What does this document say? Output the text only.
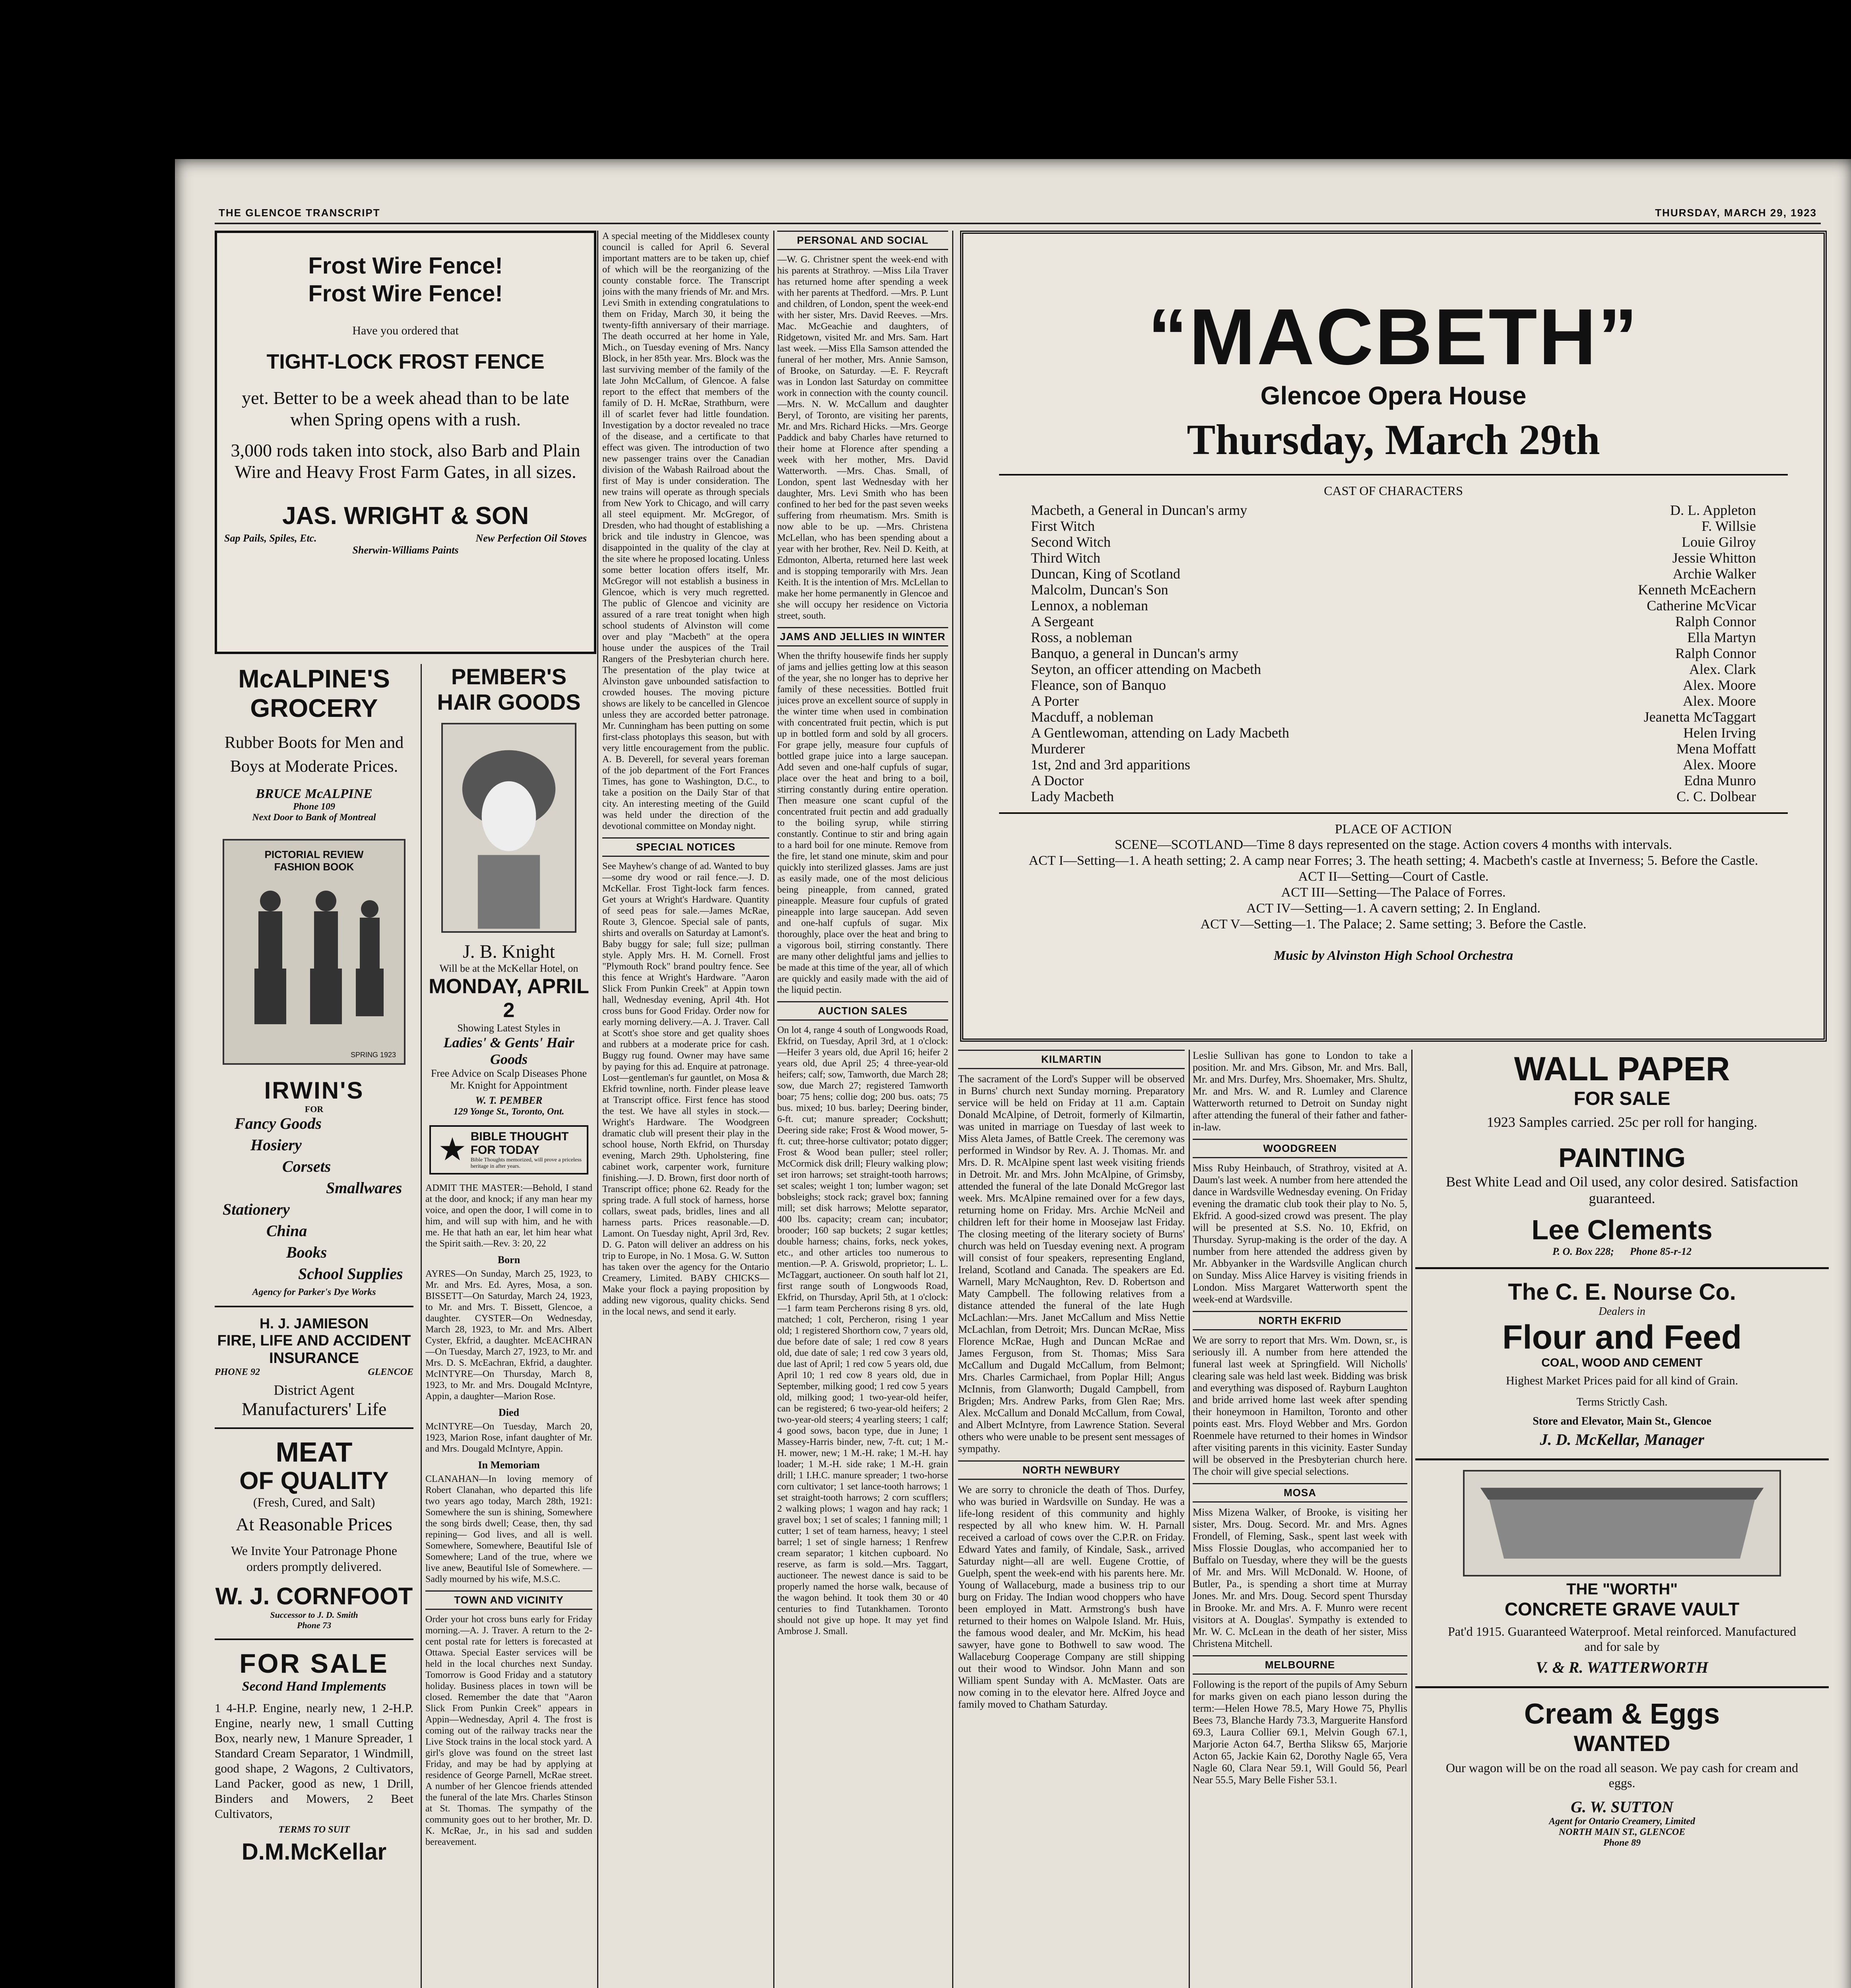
THE GLENCOE TRANSCRIPT	THURSDAY, MARCH 29, 1923
Frost Wire Fence!
Frost Wire Fence!
Have you ordered that
TIGHT-LOCK FROST FENCE
yet. Better to be a week ahead than to be late when Spring opens with a rush.
3,000 rods taken into stock, also Barb and Plain Wire and Heavy Frost Farm Gates, in all sizes.
JAS. WRIGHT & SON
Sap Pails, Spiles, Etc.	New Perfection Oil Stoves
Sherwin-Williams Paints
McALPINE'S
GROCERY
Rubber Boots for Men and Boys at Moderate Prices.
BRUCE McALPINE
Phone 109
Next Door to Bank of Montreal
PICTORIAL REVIEW
FASHION BOOK
SPRING 1923
IRWIN'S
FOR
Fancy Goods
Hosiery
Corsets
Smallwares
Stationery
China
Books
School Supplies
Agency for Parker's Dye Works
H. J. JAMIESON
FIRE, LIFE AND ACCIDENT INSURANCE
PHONE 92	GLENCOE
District Agent
Manufacturers' Life
MEAT
OF QUALITY
(Fresh, Cured, and Salt)
At Reasonable Prices
We Invite Your Patronage Phone orders promptly delivered.
W. J. CORNFOOT
Successor to J. D. Smith
Phone 73
FOR SALE
Second Hand Implements
1 4-H.P. Engine, nearly new, 1 2-H.P. Engine, nearly new, 1 small Cutting Box, nearly new, 1 Manure Spreader, 1 Standard Cream Separator, 1 Windmill, good shape, 2 Wagons, 2 Cultivators, Land Packer, good as new, 1 Drill, Binders and Mowers, 2 Beet Cultivators,
TERMS TO SUIT
D.M.McKellar
PEMBER'S
HAIR GOODS
J. B. Knight
Will be at the McKellar Hotel, on
MONDAY, APRIL 2
Showing Latest Styles in
Ladies' & Gents' Hair Goods
Free Advice on Scalp Diseases Phone Mr. Knight for Appointment
W. T. PEMBER
129 Yonge St., Toronto, Ont.
★ BIBLE THOUGHT
FOR TODAY
Bible Thoughts memorized, will prove a priceless heritage in after years.
ADMIT THE MASTER:—Behold, I stand at the door, and knock; if any man hear my voice, and open the door, I will come in to him, and will sup with him, and he with me. He that hath an ear, let him hear what the Spirit saith.—Rev. 3: 20, 22
Born
AYRES—On Sunday, March 25, 1923, to Mr. and Mrs. Ed. Ayres, Mosa, a son. BISSETT—On Saturday, March 24, 1923, to Mr. and Mrs. T. Bissett, Glencoe, a daughter. CYSTER—On Wednesday, March 28, 1923, to Mr. and Mrs. Albert Cyster, Ekfrid, a daughter. McEACHRAN—On Tuesday, March 27, 1923, to Mr. and Mrs. D. S. McEachran, Ekfrid, a daughter. McINTYRE—On Thursday, March 8, 1923, to Mr. and Mrs. Dougald McIntyre, Appin, a daughter—Marion Rose.
Died
McINTYRE—On Tuesday, March 20, 1923, Marion Rose, infant daughter of Mr. and Mrs. Dougald McIntyre, Appin.
In Memoriam
CLANAHAN—In loving memory of Robert Clanahan, who departed this life two years ago today, March 28th, 1921: Somewhere the sun is shining, Somewhere the song birds dwell; Cease, then, thy sad repining— God lives, and all is well. Somewhere, Somewhere, Beautiful Isle of Somewhere; Land of the true, where we live anew, Beautiful Isle of Somewhere. —Sadly mourned by his wife, M.S.C.
TOWN AND VICINITY
Order your hot cross buns early for Friday morning.—A. J. Traver. A return to the 2-cent postal rate for letters is forecasted at Ottawa. Special Easter services will be held in the local churches next Sunday. Tomorrow is Good Friday and a statutory holiday. Business places in town will be closed. Remember the date that "Aaron Slick From Punkin Creek" appears in Appin—Wednesday, April 4. The frost is coming out of the railway tracks near the Live Stock trains in the local stock yard. A girl's glove was found on the street last Friday, and may be had by applying at residence of George Parnell, McRae street. A number of her Glencoe friends attended the funeral of the late Mrs. Charles Stinson at St. Thomas. The sympathy of the community goes out to her brother, Mr. D. K. McRae, Jr., in his sad and sudden bereavement.
A special meeting of the Middlesex county council is called for April 6. Several important matters are to be taken up, chief of which will be the reorganizing of the county constable force. The Transcript joins with the many friends of Mr. and Mrs. Levi Smith in extending congratulations to them on Friday, March 30, it being the twenty-fifth anniversary of their marriage. The death occurred at her home in Yale, Mich., on Tuesday evening of Mrs. Nancy Block, in her 85th year. Mrs. Block was the last surviving member of the family of the late John McCallum, of Glencoe. A false report to the effect that members of the family of D. H. McRae, Strathburn, were ill of scarlet fever had little foundation. Investigation by a doctor revealed no trace of the disease, and a certificate to that effect was given. The introduction of two new passenger trains over the Canadian division of the Wabash Railroad about the first of May is under consideration. The new trains will operate as through specials from New York to Chicago, and will carry all steel equipment. Mr. McGregor, of Dresden, who had thought of establishing a brick and tile industry in Glencoe, was disappointed in the quality of the clay at the site where he proposed locating. Unless some better location offers itself, Mr. McGregor will not establish a business in Glencoe, which is very much regretted. The public of Glencoe and vicinity are assured of a rare treat tonight when high school students of Alvinston will come over and play "Macbeth" at the opera house under the auspices of the Trail Rangers of the Presbyterian church here. The presentation of the play twice at Alvinston gave unbounded satisfaction to crowded houses. The moving picture shows are likely to be cancelled in Glencoe unless they are accorded better patronage. Mr. Cunningham has been putting on some first-class photoplays this season, but with very little encouragement from the public. A. B. Deverell, for several years foreman of the job department of the Fort Frances Times, has gone to Washington, D.C., to take a position on the Daily Star of that city. An interesting meeting of the Guild was held under the direction of the devotional committee on Monday night.
SPECIAL NOTICES
See Mayhew's change of ad. Wanted to buy—some dry wood or rail fence.—J. D. McKellar. Frost Tight-lock farm fences. Get yours at Wright's Hardware. Quantity of seed peas for sale.—James McRae, Route 3, Glencoe. Special sale of pants, shirts and overalls on Saturday at Lamont's. Baby buggy for sale; full size; pullman style. Apply Mrs. H. M. Cornell. Frost "Plymouth Rock" brand poultry fence. See this fence at Wright's Hardware. "Aaron Slick From Punkin Creek" at Appin town hall, Wednesday evening, April 4th. Hot cross buns for Good Friday. Order now for early morning delivery.—A. J. Traver. Call at Scott's shoe store and get quality shoes and rubbers at a moderate price for cash. Buggy rug found. Owner may have same by paying for this ad. Enquire at patronage. Lost—gentleman's fur gauntlet, on Mosa & Ekfrid townline, north. Finder please leave at Transcript office. First fence has stood the test. We have all styles in stock.—Wright's Hardware. The Woodgreen dramatic club will present their play in the school house, North Ekfrid, on Thursday evening, March 29th. Upholstering, fine cabinet work, carpenter work, furniture finishing.—J. D. Brown, first door north of Transcript office; phone 62. Ready for the spring trade. A full stock of harness, horse collars, sweat pads, bridles, lines and all harness parts. Prices reasonable.—D. Lamont. On Tuesday night, April 3rd, Rev. D. G. Paton will deliver an address on his trip to Europe, in No. 1 Mosa. G. W. Sutton has taken over the agency for the Ontario Creamery, Limited. BABY CHICKS—Make your flock a paying proposition by adding new vigorous, quality chicks. Send in the local news, and send it early.
PERSONAL AND SOCIAL
—W. G. Christner spent the week-end with his parents at Strathroy. —Miss Lila Traver has returned home after spending a week with her parents at Thedford. —Mrs. P. Lunt and children, of London, spent the week-end with her sister, Mrs. David Reeves. —Mrs. Mac. McGeachie and daughters, of Ridgetown, visited Mr. and Mrs. Sam. Hart last week. —Miss Ella Samson attended the funeral of her mother, Mrs. Annie Samson, of Brooke, on Saturday. —E. F. Reycraft was in London last Saturday on committee work in connection with the county council. —Mrs. N. W. McCallum and daughter Beryl, of Toronto, are visiting her parents, Mr. and Mrs. Richard Hicks. —Mrs. George Paddick and baby Charles have returned to their home at Florence after spending a week with her mother, Mrs. David Watterworth. —Mrs. Chas. Small, of London, spent last Wednesday with her daughter, Mrs. Levi Smith who has been confined to her bed for the past seven weeks suffering from rheumatism. Mrs. Smith is now able to be up. —Mrs. Christena McLellan, who has been spending about a year with her brother, Rev. Neil D. Keith, at Edmonton, Alberta, returned here last week and is stopping temporarily with Mrs. Jean Keith. It is the intention of Mrs. McLellan to make her home permanently in Glencoe and she will occupy her residence on Victoria street, south.
JAMS AND JELLIES IN WINTER
When the thrifty housewife finds her supply of jams and jellies getting low at this season of the year, she no longer has to deprive her family of these necessities. Bottled fruit juices prove an excellent source of supply in the winter time when used in combination with concentrated fruit pectin, which is put up in bottled form and sold by all grocers. For grape jelly, measure four cupfuls of bottled grape juice into a large saucepan. Add seven and one-half cupfuls of sugar, place over the heat and bring to a boil, stirring constantly during entire operation. Then measure one scant cupful of the concentrated fruit pectin and add gradually to the boiling syrup, while stirring constantly. Continue to stir and bring again to a hard boil for one minute. Remove from the fire, let stand one minute, skim and pour quickly into sterilized glasses. Jams are just as easily made, one of the most delicious being pineapple, from canned, grated pineapple. Measure four cupfuls of grated pineapple into large saucepan. Add seven and one-half cupfuls of sugar. Mix thoroughly, place over the heat and bring to a vigorous boil, stirring constantly. There are many other delightful jams and jellies to be made at this time of the year, all of which are quickly and easily made with the aid of the liquid pectin.
AUCTION SALES
On lot 4, range 4 south of Longwoods Road, Ekfrid, on Tuesday, April 3rd, at 1 o'clock:—Heifer 3 years old, due April 16; heifer 2 years old, due April 25; 4 three-year-old heifers; calf; sow, Tamworth, due March 28; sow, due March 27; registered Tamworth boar; 75 hens; collie dog; 200 bus. oats; 75 bus. mixed; 10 bus. barley; Deering binder, 6-ft. cut; manure spreader; Cockshutt; Deering side rake; Frost & Wood mower, 5-ft. cut; three-horse cultivator; potato digger; Frost & Wood bean puller; steel roller; McCormick disk drill; Fleury walking plow; set iron harrows; set straight-tooth harrows; set scales; weight 1 ton; lumber wagon; set bobsleighs; stock rack; gravel box; fanning mill; set disk harrows; Melotte separator, 400 lbs. capacity; cream can; incubator; brooder; 160 sap buckets; 2 sugar kettles; double harness; chains, forks, neck yokes, etc., and other articles too numerous to mention.—P. A. Griswold, proprietor; L. L. McTaggart, auctioneer. On south half lot 21, first range south of Longwoods Road, Ekfrid, on Thursday, April 5th, at 1 o'clock:—1 farm team Percherons rising 8 yrs. old, matched; 1 colt, Percheron, rising 1 year old; 1 registered Shorthorn cow, 7 years old, due before date of sale; 1 red cow 8 years old, due date of sale; 1 red cow 3 years old, due last of April; 1 red cow 5 years old, due April 10; 1 red cow 8 years old, due in September, milking good; 1 red cow 5 years old, milking good; 1 two-year-old heifer, can be registered; 6 two-year-old heifers; 2 two-year-old steers; 4 yearling steers; 1 calf; 4 good sows, bacon type, due in June; 1 Massey-Harris binder, new, 7-ft. cut; 1 M.-H. mower, new; 1 M.-H. rake; 1 M.-H. hay loader; 1 M.-H. side rake; 1 M.-H. grain drill; 1 I.H.C. manure spreader; 1 two-horse corn cultivator; 1 set lance-tooth harrows; 1 set straight-tooth harrows; 2 corn scufflers; 2 walking plows; 1 wagon and hay rack; 1 gravel box; 1 set of scales; 1 fanning mill; 1 cutter; 1 set of team harness, heavy; 1 steel barrel; 1 set of single harness; 1 Renfrew cream separator; 1 kitchen cupboard. No reserve, as farm is sold.—Mrs. Taggart, auctioneer. The newest dance is said to be properly named the horse walk, because of the wagon behind. It took them 30 or 40 centuries to find Tutankhamen. Toronto should not give up hope. It may yet find Ambrose J. Small.
“MACBETH”
Glencoe Opera House
Thursday, March 29th
CAST OF CHARACTERS
Macbeth, a General in Duncan's army	D. L. Appleton
First Witch	F. Willsie
Second Witch	Louie Gilroy
Third Witch	Jessie Whitton
Duncan, King of Scotland	Archie Walker
Malcolm, Duncan's Son	Kenneth McEachern
Lennox, a nobleman	Catherine McVicar
A Sergeant	Ralph Connor
Ross, a nobleman	Ella Martyn
Banquo, a general in Duncan's army	Ralph Connor
Seyton, an officer attending on Macbeth	Alex. Clark
Fleance, son of Banquo	Alex. Moore
A Porter	Alex. Moore
Macduff, a nobleman	Jeanetta McTaggart
A Gentlewoman, attending on Lady Macbeth	Helen Irving
Murderer	Mena Moffatt
1st, 2nd and 3rd apparitions	Alex. Moore
A Doctor	Edna Munro
Lady Macbeth	C. C. Dolbear
PLACE OF ACTION
SCENE—SCOTLAND—Time 8 days represented on the stage. Action covers 4 months with intervals.
ACT I—Setting—1. A heath setting; 2. A camp near Forres; 3. The heath setting; 4. Macbeth's castle at Inverness; 5. Before the Castle.
ACT II—Setting—Court of Castle.
ACT III—Setting—The Palace of Forres.
ACT IV—Setting—1. A cavern setting; 2. In England.
ACT V—Setting—1. The Palace; 2. Same setting; 3. Before the Castle.
Music by Alvinston High School Orchestra
KILMARTIN
The sacrament of the Lord's Supper will be observed in Burns' church next Sunday morning. Preparatory service will be held on Friday at 11 a.m. Captain Donald McAlpine, of Detroit, formerly of Kilmartin, was united in marriage on Tuesday of last week to Miss Aleta James, of Battle Creek. The ceremony was performed in Windsor by Rev. A. J. Thomas. Mr. and Mrs. D. R. McAlpine spent last week visiting friends in Detroit. Mr. and Mrs. John McAlpine, of Grimsby, attended the funeral of the late Donald McGregor last week. Mrs. McAlpine remained over for a few days, returning home on Friday. Mrs. Archie McNeil and children left for their home in Moosejaw last Friday. The closing meeting of the literary society of Burns' church was held on Tuesday evening next. A program will consist of four speakers, representing England, Ireland, Scotland and Canada. The speakers are Ed. Warnell, Mary McNaughton, Rev. D. Robertson and Maty Campbell. The following relatives from a distance attended the funeral of the late Hugh McLachlan:—Mrs. Janet McCallum and Miss Nettie McLachlan, from Detroit; Mrs. Duncan McRae, Miss Florence McRae, Hugh and Duncan McRae and James Ferguson, from St. Thomas; Miss Sara McCallum and Dugald McCallum, from Belmont; Mrs. Charles Carmichael, from Poplar Hill; Angus McInnis, from Glanworth; Dugald Campbell, from Brigden; Mrs. Andrew Parks, from Glen Rae; Mrs. Alex. McCallum and Donald McCallum, from Cowal, and Albert McIntyre, from Lawrence Station. Several others who were unable to be present sent messages of sympathy.
NORTH NEWBURY
We are sorry to chronicle the death of Thos. Durfey, who was buried in Wardsville on Sunday. He was a life-long resident of this community and highly respected by all who knew him. W. H. Parnall received a carload of cows over the C.P.R. on Friday. Edward Yates and family, of Kindale, Sask., arrived Saturday night—all are well. Eugene Crottie, of Guelph, spent the week-end with his parents here. Mr. Young of Wallaceburg, made a business trip to our burg on Friday. The Indian wood choppers who have been employed in Matt. Armstrong's bush have returned to their homes on Walpole Island. Mr. Huis, the famous wood dealer, and Mr. McKim, his head sawyer, have gone to Bothwell to saw wood. The Wallaceburg Cooperage Company are still shipping out their wood to Windsor. John Mann and son William spent Sunday with A. McMaster. Oats are now coming in to the elevator here. Alfred Joyce and family moved to Chatham Saturday.
Leslie Sullivan has gone to London to take a position. Mr. and Mrs. Gibson, Mr. and Mrs. Ball, Mr. and Mrs. Durfey, Mrs. Shoemaker, Mrs. Shultz, Mr. and Mrs. W. and R. Lumley and Clarence Watterworth returned to Detroit on Sunday night after attending the funeral of their father and father-in-law.
WOODGREEN
Miss Ruby Heinbauch, of Strathroy, visited at A. Daum's last week. A number from here attended the dance in Wardsville Wednesday evening. On Friday evening the dramatic club took their play to No. 5, Ekfrid. A good-sized crowd was present. The play will be presented at S.S. No. 10, Ekfrid, on Thursday. Syrup-making is the order of the day. A number from here attended the address given by Mr. Abbyanker in the Wardsville Anglican church on Sunday. Miss Alice Harvey is visiting friends in London. Miss Margaret Watterworth spent the week-end at Wardsville.
NORTH EKFRID
We are sorry to report that Mrs. Wm. Down, sr., is seriously ill. A number from here attended the funeral last week at Springfield. Will Nicholls' clearing sale was held last week. Bidding was brisk and everything was disposed of. Rayburn Laughton and bride arrived home last week after spending their honeymoon in Hamilton, Toronto and other points east. Mrs. Floyd Webber and Mrs. Gordon Roenmele have returned to their homes in Windsor after visiting parents in this vicinity. Easter Sunday will be observed in the Presbyterian church here. The choir will give special selections.
MOSA
Miss Mizena Walker, of Brooke, is visiting her sister, Mrs. Doug. Secord. Mr. and Mrs. Agnes Frondell, of Fleming, Sask., spent last week with Miss Flossie Douglas, who accompanied her to Buffalo on Tuesday, where they will be the guests of Mr. and Mrs. Will McDonald. W. Hoone, of Butler, Pa., is spending a short time at Murray Jones. Mr. and Mrs. Doug. Secord spent Thursday in Brooke. Mr. and Mrs. A. F. Munro were recent visitors at A. Douglas'. Sympathy is extended to Mr. W. C. McLean in the death of her sister, Miss Christena Mitchell.
MELBOURNE
Following is the report of the pupils of Amy Seburn for marks given on each piano lesson during the term:—Helen Howe 78.5, Mary Howe 75, Phyllis Bees 73, Blanche Hardy 73.3, Marguerite Hansford 69.3, Laura Collier 69.1, Melvin Gough 67.1, Marjorie Acton 64.7, Bertha Sliksw 65, Marjorie Acton 65, Jackie Kain 62, Dorothy Nagle 65, Vera Nagle 60, Clara Near 59.1, Will Gould 56, Pearl Near 55.5, Mary Belle Fisher 53.1.
WALL PAPER
FOR SALE
1923 Samples carried. 25c per roll for hanging.
PAINTING
Best White Lead and Oil used, any color desired. Satisfaction guaranteed.
Lee Clements
P. O. Box 228; Phone 85-r-12
The C. E. Nourse Co.
Dealers in
Flour and Feed
COAL, WOOD AND CEMENT
Highest Market Prices paid for all kind of Grain.
Terms Strictly Cash.
Store and Elevator, Main St., Glencoe
J. D. McKellar, Manager
THE "WORTH"
CONCRETE GRAVE VAULT
Pat'd 1915. Guaranteed Waterproof. Metal reinforced. Manufactured and for sale by
V. & R. WATTERWORTH
Cream & Eggs
WANTED
Our wagon will be on the road all season. We pay cash for cream and eggs.
G. W. SUTTON
Agent for Ontario Creamery, Limited
NORTH MAIN ST., GLENCOE
Phone 89
